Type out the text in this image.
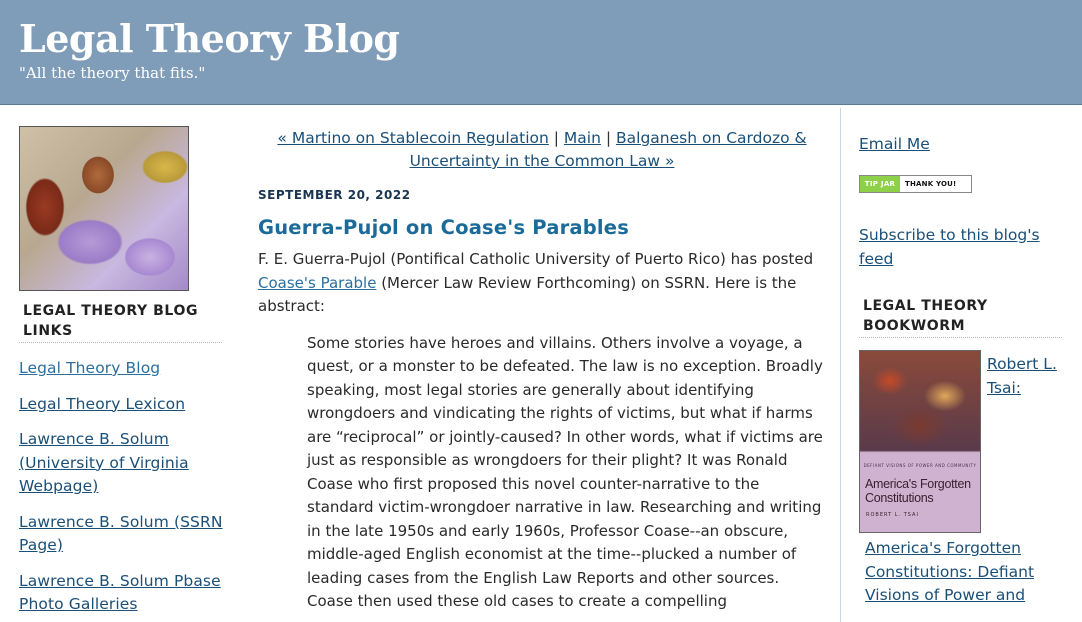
Legal Theory Blog
"All the theory that fits."
LEGAL THEORY BLOG LINKS
Legal Theory Blog
Legal Theory Lexicon
Lawrence B. Solum (University of Virginia Webpage)
Lawrence B. Solum (SSRN Page)
Lawrence B. Solum Pbase Photo Galleries
« Martino on Stablecoin Regulation | Main | Balganesh on Cardozo & Uncertainty in the Common Law »
SEPTEMBER 20, 2022
Guerra-Pujol on Coase's Parables
F. E. Guerra-Pujol (Pontifical Catholic University of Puerto Rico) has posted Coase's Parable (Mercer Law Review Forthcoming) on SSRN. Here is the abstract:
Some stories have heroes and villains. Others involve a voyage, a quest, or a monster to be defeated. The law is no exception. Broadly speaking, most legal stories are generally about identifying wrongdoers and vindicating the rights of victims, but what if harms are “reciprocal” or jointly-caused? In other words, what if victims are just as responsible as wrongdoers for their plight? It was Ronald Coase who first proposed this novel counter-narrative to the standard victim-wrongdoer narrative in law. Researching and writing in the late 1950s and early 1960s, Professor Coase--an obscure, middle-aged English economist at the time--plucked a number of leading cases from the English Law Reports and other sources. Coase then used these old cases to create a compelling
Email Me
TIP JAR	THANK YOU!
Subscribe to this blog's feed
LEGAL THEORY BOOKWORM
DEFIANT VISIONS OF POWER AND COMMUNITY
America's Forgotten Constitutions
ROBERT L. TSAI
Robert L. Tsai:
America's Forgotten Constitutions: Defiant Visions of Power and
